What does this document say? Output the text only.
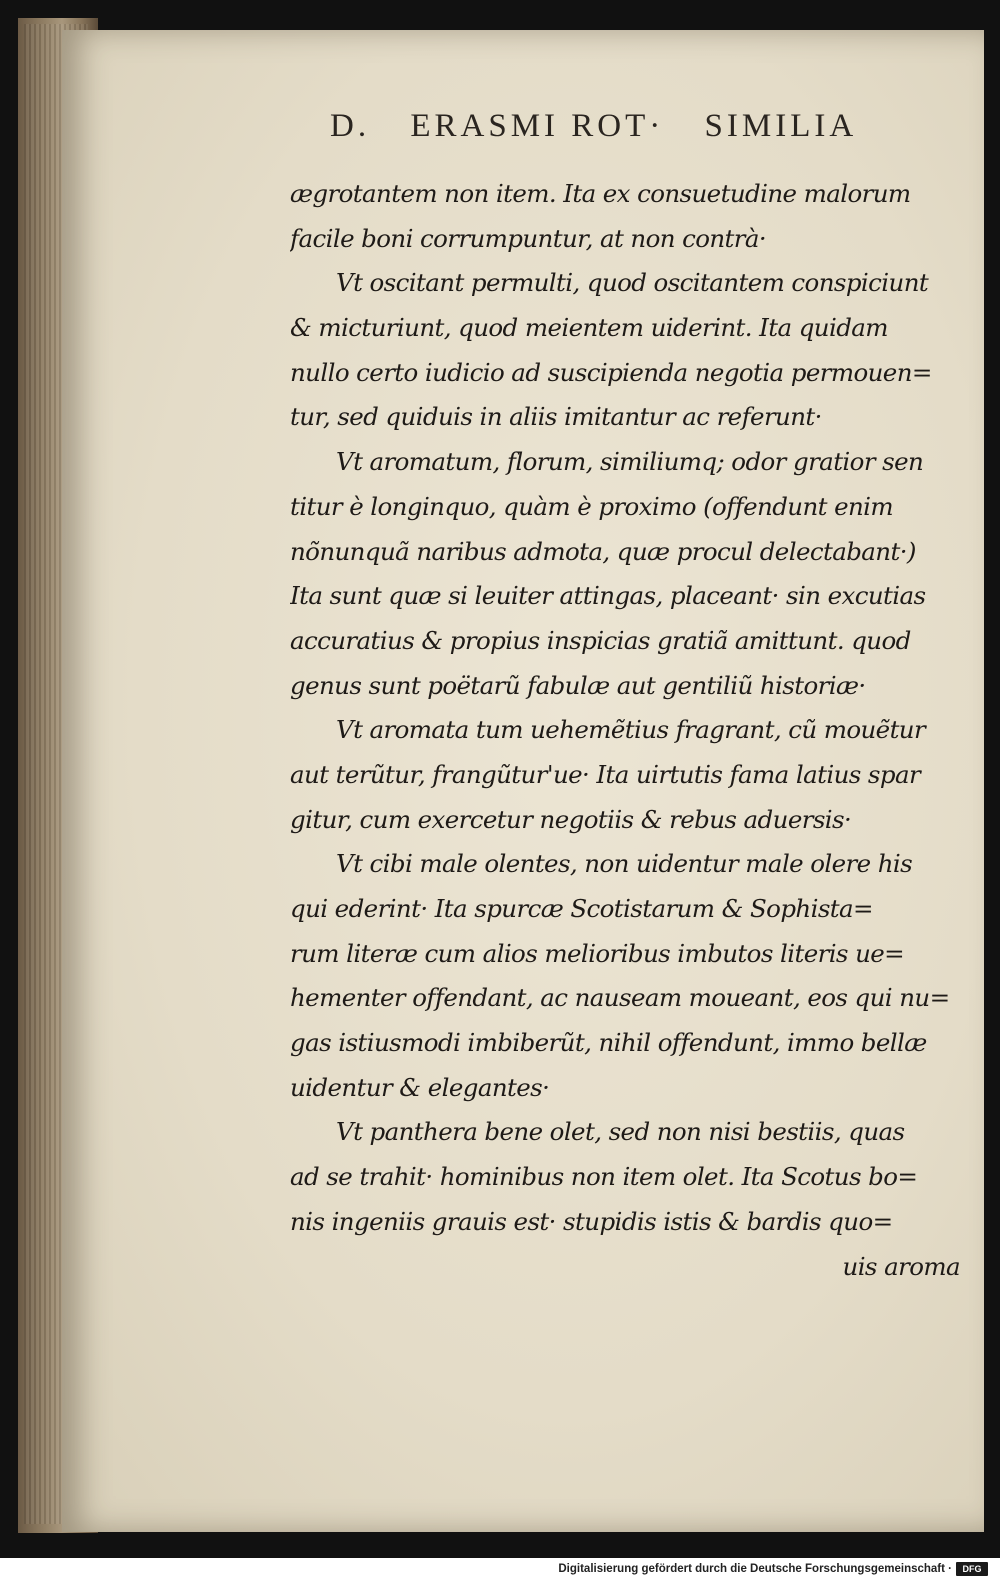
D. ERASMI ROT· SIMILIA
ægrotantem non item. Ita ex consuetudine malorum
facile boni corrumpuntur, at non contrà·
Vt oscitant permulti, quod oscitantem conspiciunt
& micturiunt, quod meientem uiderint. Ita quidam
nullo certo iudicio ad suscipienda negotia permouen=
tur, sed quiduis in aliis imitantur ac referunt·
Vt aromatum, florum, similiumq; odor gratior sen
titur è longinquo, quàm è proximo (offendunt enim
nõnunquã naribus admota, quæ procul delectabant·)
Ita sunt quæ si leuiter attingas, placeant· sin excutias
accuratius & propius inspicias gratiã amittunt. quod
genus sunt poëtarũ fabulæ aut gentiliũ historiæ·
Vt aromata tum uehemẽtius fragrant, cũ mouẽtur
aut terũtur, frangũtur'ue· Ita uirtutis fama latius spar
gitur, cum exercetur negotiis & rebus aduersis·
Vt cibi male olentes, non uidentur male olere his
qui ederint· Ita spurcæ Scotistarum & Sophista=
rum literæ cum alios melioribus imbutos literis ue=
hementer offendant, ac nauseam moueant, eos qui nu=
gas istiusmodi imbiberũt, nihil offendunt, immo bellæ
uidentur & elegantes·
Vt panthera bene olet, sed non nisi bestiis, quas
ad se trahit· hominibus non item olet. Ita Scotus bo=
nis ingeniis grauis est· stupidis istis & bardis quo=
uis aroma
Digitalisierung gefördert durch die Deutsche Forschungsgemeinschaft ·	DFG
